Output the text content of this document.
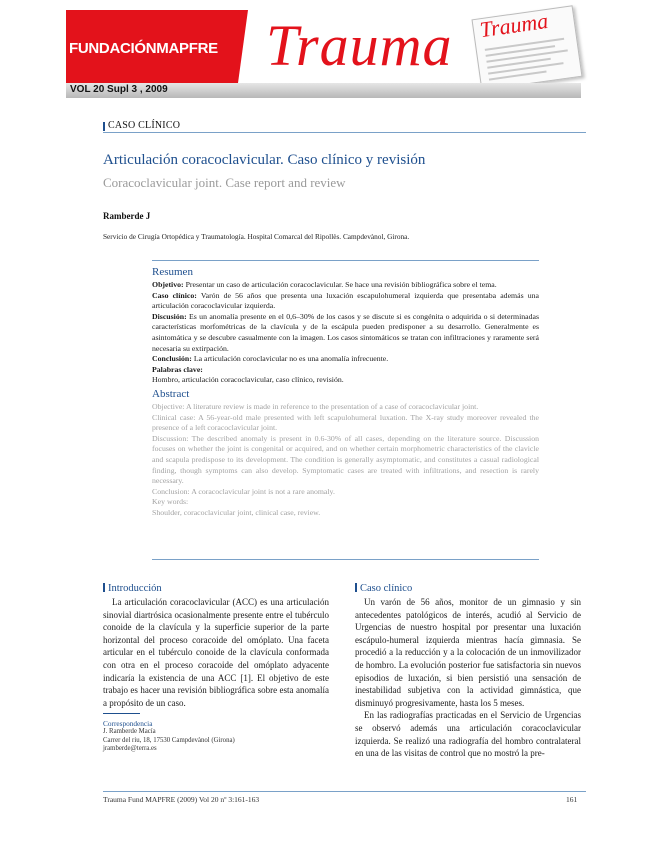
FUNDACIÓNMAPFRE Trauma Trauma
VOL 20 Supl 3 , 2009
CASO CLÍNICO
Articulación coracoclavicular. Caso clínico y revisión
Coracoclavicular joint. Case report and review
Ramberde J
Servicio de Cirugía Ortopédica y Traumatología. Hospital Comarcal del Ripollès. Campdevànol, Girona.
Resumen

Objetivo: Presentar un caso de articulación coracoclavicular. Se hace una revisión bibliográfica sobre el tema.

Caso clínico: Varón de 56 años que presenta una luxación escapulohumeral izquierda que presentaba además una articulación coracoclavicular izquierda.

Discusión: Es un anomalía presente en el 0,6–30% de los casos y se discute si es congénita o adquirida o si determinadas características morfométricas de la clavícula y de la escápula pueden predisponer a su desarrollo. Generalmente es asintomática y se descubre casualmente con la imagen. Los casos sintomáticos se tratan con infiltraciones y raramente será necesaria su extirpación.

Conclusión: La articulación coroclavicular no es una anomalía infrecuente.

Palabras clave:

Hombro, articulación coracoclavicular, caso clínico, revisión.

Abstract

Objective: A literature review is made in reference to the presentation of a case of coracoclavicular joint.

Clinical case: A 56-year-old male presented with left scapulohumeral luxation. The X-ray study moreover revealed the presence of a left coracoclavicular joint.

Discussion: The described anomaly is present in 0.6-30% of all cases, depending on the literature source. Discussion focuses on whether the joint is congenital or acquired, and on whether certain morphometric characteristics of the clavicle and scapula predispose to its development. The condition is generally asymptomatic, and constitutes a casual radiological finding, though symptoms can also develop. Symptomatic cases are treated with infiltrations, and resection is rarely necessary.

Conclusion: A coracoclavicular joint is not a rare anomaly.

Key words:

Shoulder, coracoclavicular joint, clinical case, review.

Introducción

La articulación coracoclavicular (ACC) es una articulación sinovial diartrósica ocasionalmente presente entre el tubérculo conoide de la clavícula y la superficie superior de la parte horizontal del proceso coracoide del omóplato. Una faceta articular en el tubérculo conoide de la clavícula conformada con otra en el proceso coracoide del omóplato adyacente indicaría la existencia de una ACC [1]. El objetivo de este trabajo es hacer una revisión bibliográfica sobre esta anomalía a propósito de un caso.

Correspondencia
J. Ramberde Macía
Carrer del riu, 18, 17530 Campdevànol (Girona)
jramberde@terra.es
Caso clínico

Un varón de 56 años, monitor de un gimnasio y sin antecedentes patológicos de interés, acudió al Servicio de Urgencias de nuestro hospital por presentar una luxación escápulo-humeral izquierda mientras hacía gimnasia. Se procedió a la reducción y a la colocación de un inmovilizador de hombro. La evolución posterior fue satisfactoria sin nuevos episodios de luxación, si bien persistió una sensación de inestabilidad subjetiva con la actividad gimnástica, que disminuyó progresivamente, hasta los 5 meses.

En las radiografías practicadas en el Servicio de Urgencias se observó además una articulación coracoclavicular izquierda. Se realizó una radiografía del hombro contralateral en una de las visitas de control que no mostró la pre-

Trauma Fund MAPFRE (2009) Vol 20 nº 3:161-163	161
